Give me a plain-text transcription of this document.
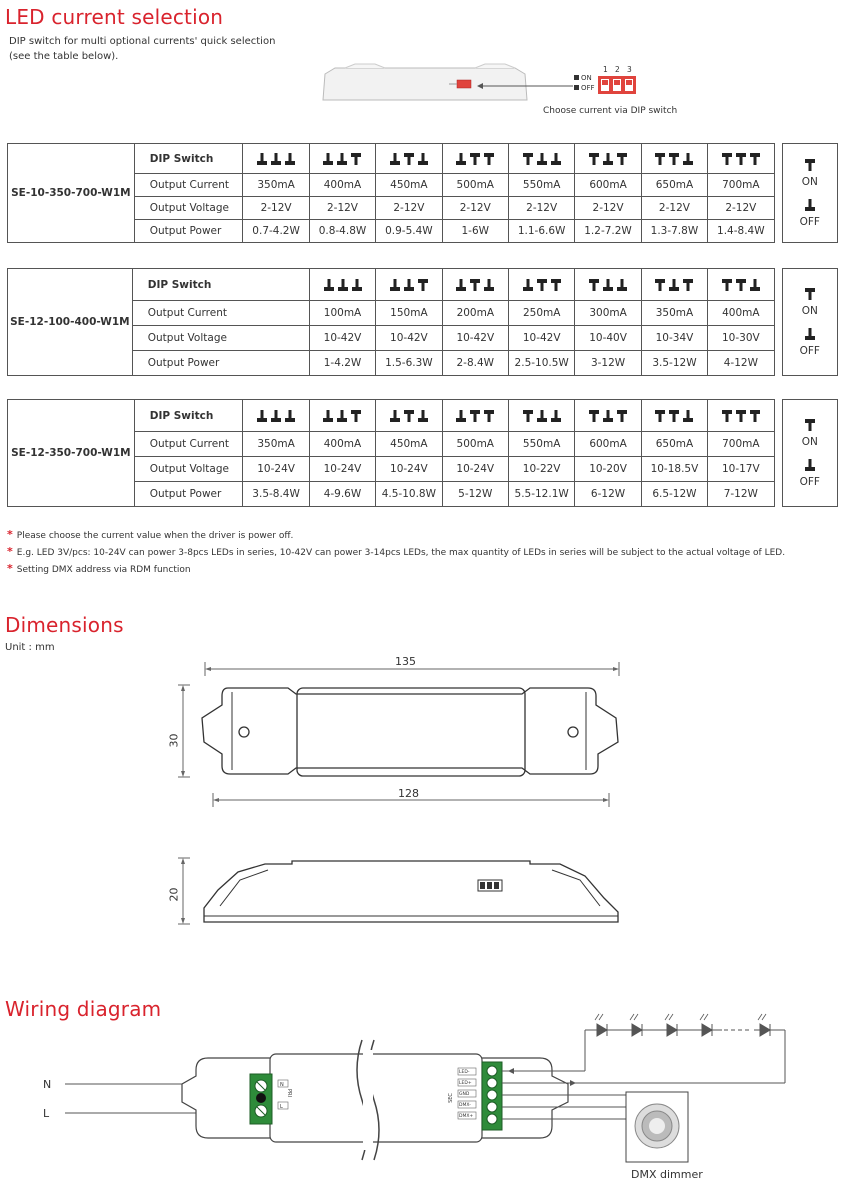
LED current selection
DIP switch for multi optional currents' quick selection
(see the table below).
ON
OFF
1 2 3
Choose current via DIP switch
SE-10-350-700-W1M	DIP Switch										ON
OFF

	Output Current	350mA	400mA	450mA	500mA	550mA	600mA	650mA	700mA		
	Output Voltage	2-12V	2-12V	2-12V	2-12V	2-12V	2-12V	2-12V	2-12V		
	Output Power	0.7-4.2W	0.8-4.8W	0.9-5.4W	1-6W	1.1-6.6W	1.2-7.2W	1.3-7.8W	1.4-8.4W		
SE-12-100-400-W1M	DIP Switch									ON
OFF

	Output Current	100mA	150mA	200mA	250mA	300mA	350mA	400mA		
	Output Voltage	10-42V	10-42V	10-42V	10-42V	10-40V	10-34V	10-30V		
	Output Power	1-4.2W	1.5-6.3W	2-8.4W	2.5-10.5W	3-12W	3.5-12W	4-12W		
SE-12-350-700-W1M	DIP Switch										ON
OFF

	Output Current	350mA	400mA	450mA	500mA	550mA	600mA	650mA	700mA		
	Output Voltage	10-24V	10-24V	10-24V	10-24V	10-22V	10-20V	10-18.5V	10-17V		
	Output Power	3.5-8.4W	4-9.6W	4.5-10.8W	5-12W	5.5-12.1W	6-12W	6.5-12W	7-12W		
* Please choose the current value when the driver is power off.
* E.g. LED 3V/pcs: 10-24V can power 3-8pcs LEDs in series, 10-42V can power 3-14pcs LEDs, the max quantity of LEDs in series will be subject to the actual voltage of LED.
* Setting DMX address via RDM function
Dimensions
Unit : mm
135
128
30
20
Wiring diagram
N
L
N
L
PRI
SEC
LED-
LED+
GND
DMX-
DMX+
DMX dimmer
